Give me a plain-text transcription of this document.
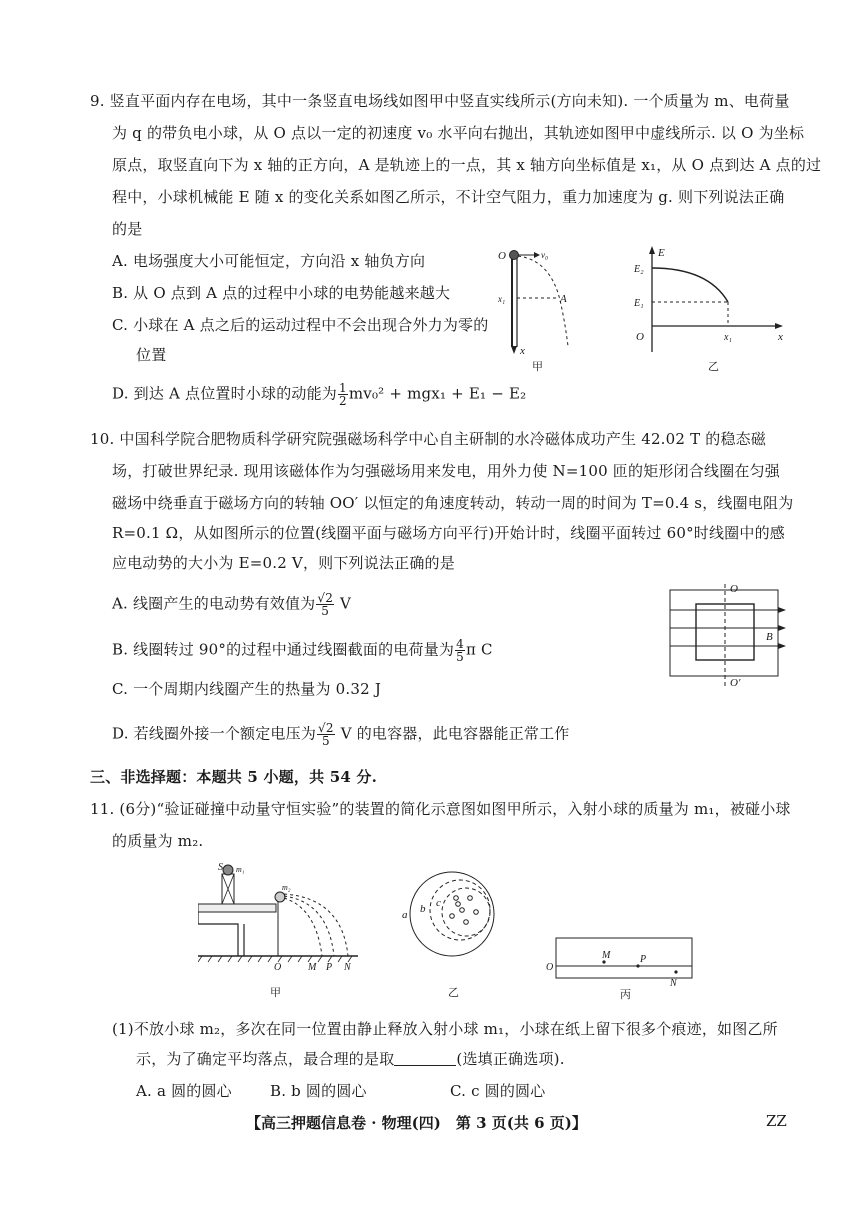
9. 竖直平面内存在电场，其中一条竖直电场线如图甲中竖直实线所示(方向未知). 一个质量为 m、电荷量
为 q 的带负电小球，从 O 点以一定的初速度 v₀ 水平向右抛出，其轨迹如图甲中虚线所示. 以 O 为坐标
原点，取竖直向下为 x 轴的正方向，A 是轨迹上的一点，其 x 轴方向坐标值是 x₁，从 O 点到达 A 点的过
程中，小球机械能 E 随 x 的变化关系如图乙所示，不计空气阻力，重力加速度为 g. 则下列说法正确
的是
A. 电场强度大小可能恒定，方向沿 x 轴负方向
B. 从 O 点到 A 点的过程中小球的电势能越来越大
C. 小球在 A 点之后的运动过程中不会出现合外力为零的
位置
D. 到达 A 点位置时小球的动能为 $\frac{1}{2} mv_0^2 + mgx_1 + E_1 - E_2$
O	v₀
x₁	A
x
甲
E
E₂
E₁
O	x₁	x
乙
10. 中国科学院合肥物质科学研究院强磁场科学中心自主研制的水冷磁体成功产生 42.02 T 的稳态磁
场，打破世界纪录. 现用该磁体作为匀强磁场用来发电，用外力使 N=100 匝的矩形闭合线圈在匀强
磁场中绕垂直于磁场方向的转轴 OO′ 以恒定的角速度转动，转动一周的时间为 T=0.4 s，线圈电阻为
R=0.1 Ω，从如图所示的位置(线圈平面与磁场方向平行)开始计时，线圈平面转过 60°时线圈中的感
应电动势的大小为 E=0.2 V，则下列说法正确的是
A. 线圈产生的电动势有效值为 $\frac{√2}{5}$ V
B. 线圈转过 90°的过程中通过线圈截面的电荷量为 $\frac{4}{5}$ π C
C. 一个周期内线圈产生的热量为 0.32 J
D. 若线圈外接一个额定电压为 $\frac{√2}{5}$ V 的电容器，此电容器能正常工作
O
B
O′
三、非选择题：本题共 5 小题，共 54 分.
11. (6分)“验证碰撞中动量守恒实验”的装置的简化示意图如图甲所示，入射小球的质量为 m₁，被碰小球
的质量为 m₂.
S m₁
m₂
O	M P N
甲
a b c
乙
O
M	P
N
丙
(1)不放小球 m₂，多次在同一位置由静止释放入射小球 m₁，小球在纸上留下很多个痕迹，如图乙所
示，为了确定平均落点，最合理的是取	(选填正确选项).
A. a 圆的圆心	B. b 圆的圆心	C. c 圆的圆心
【高三押题信息卷 · 物理(四)　第 3 页(共 6 页)】	ZZ
